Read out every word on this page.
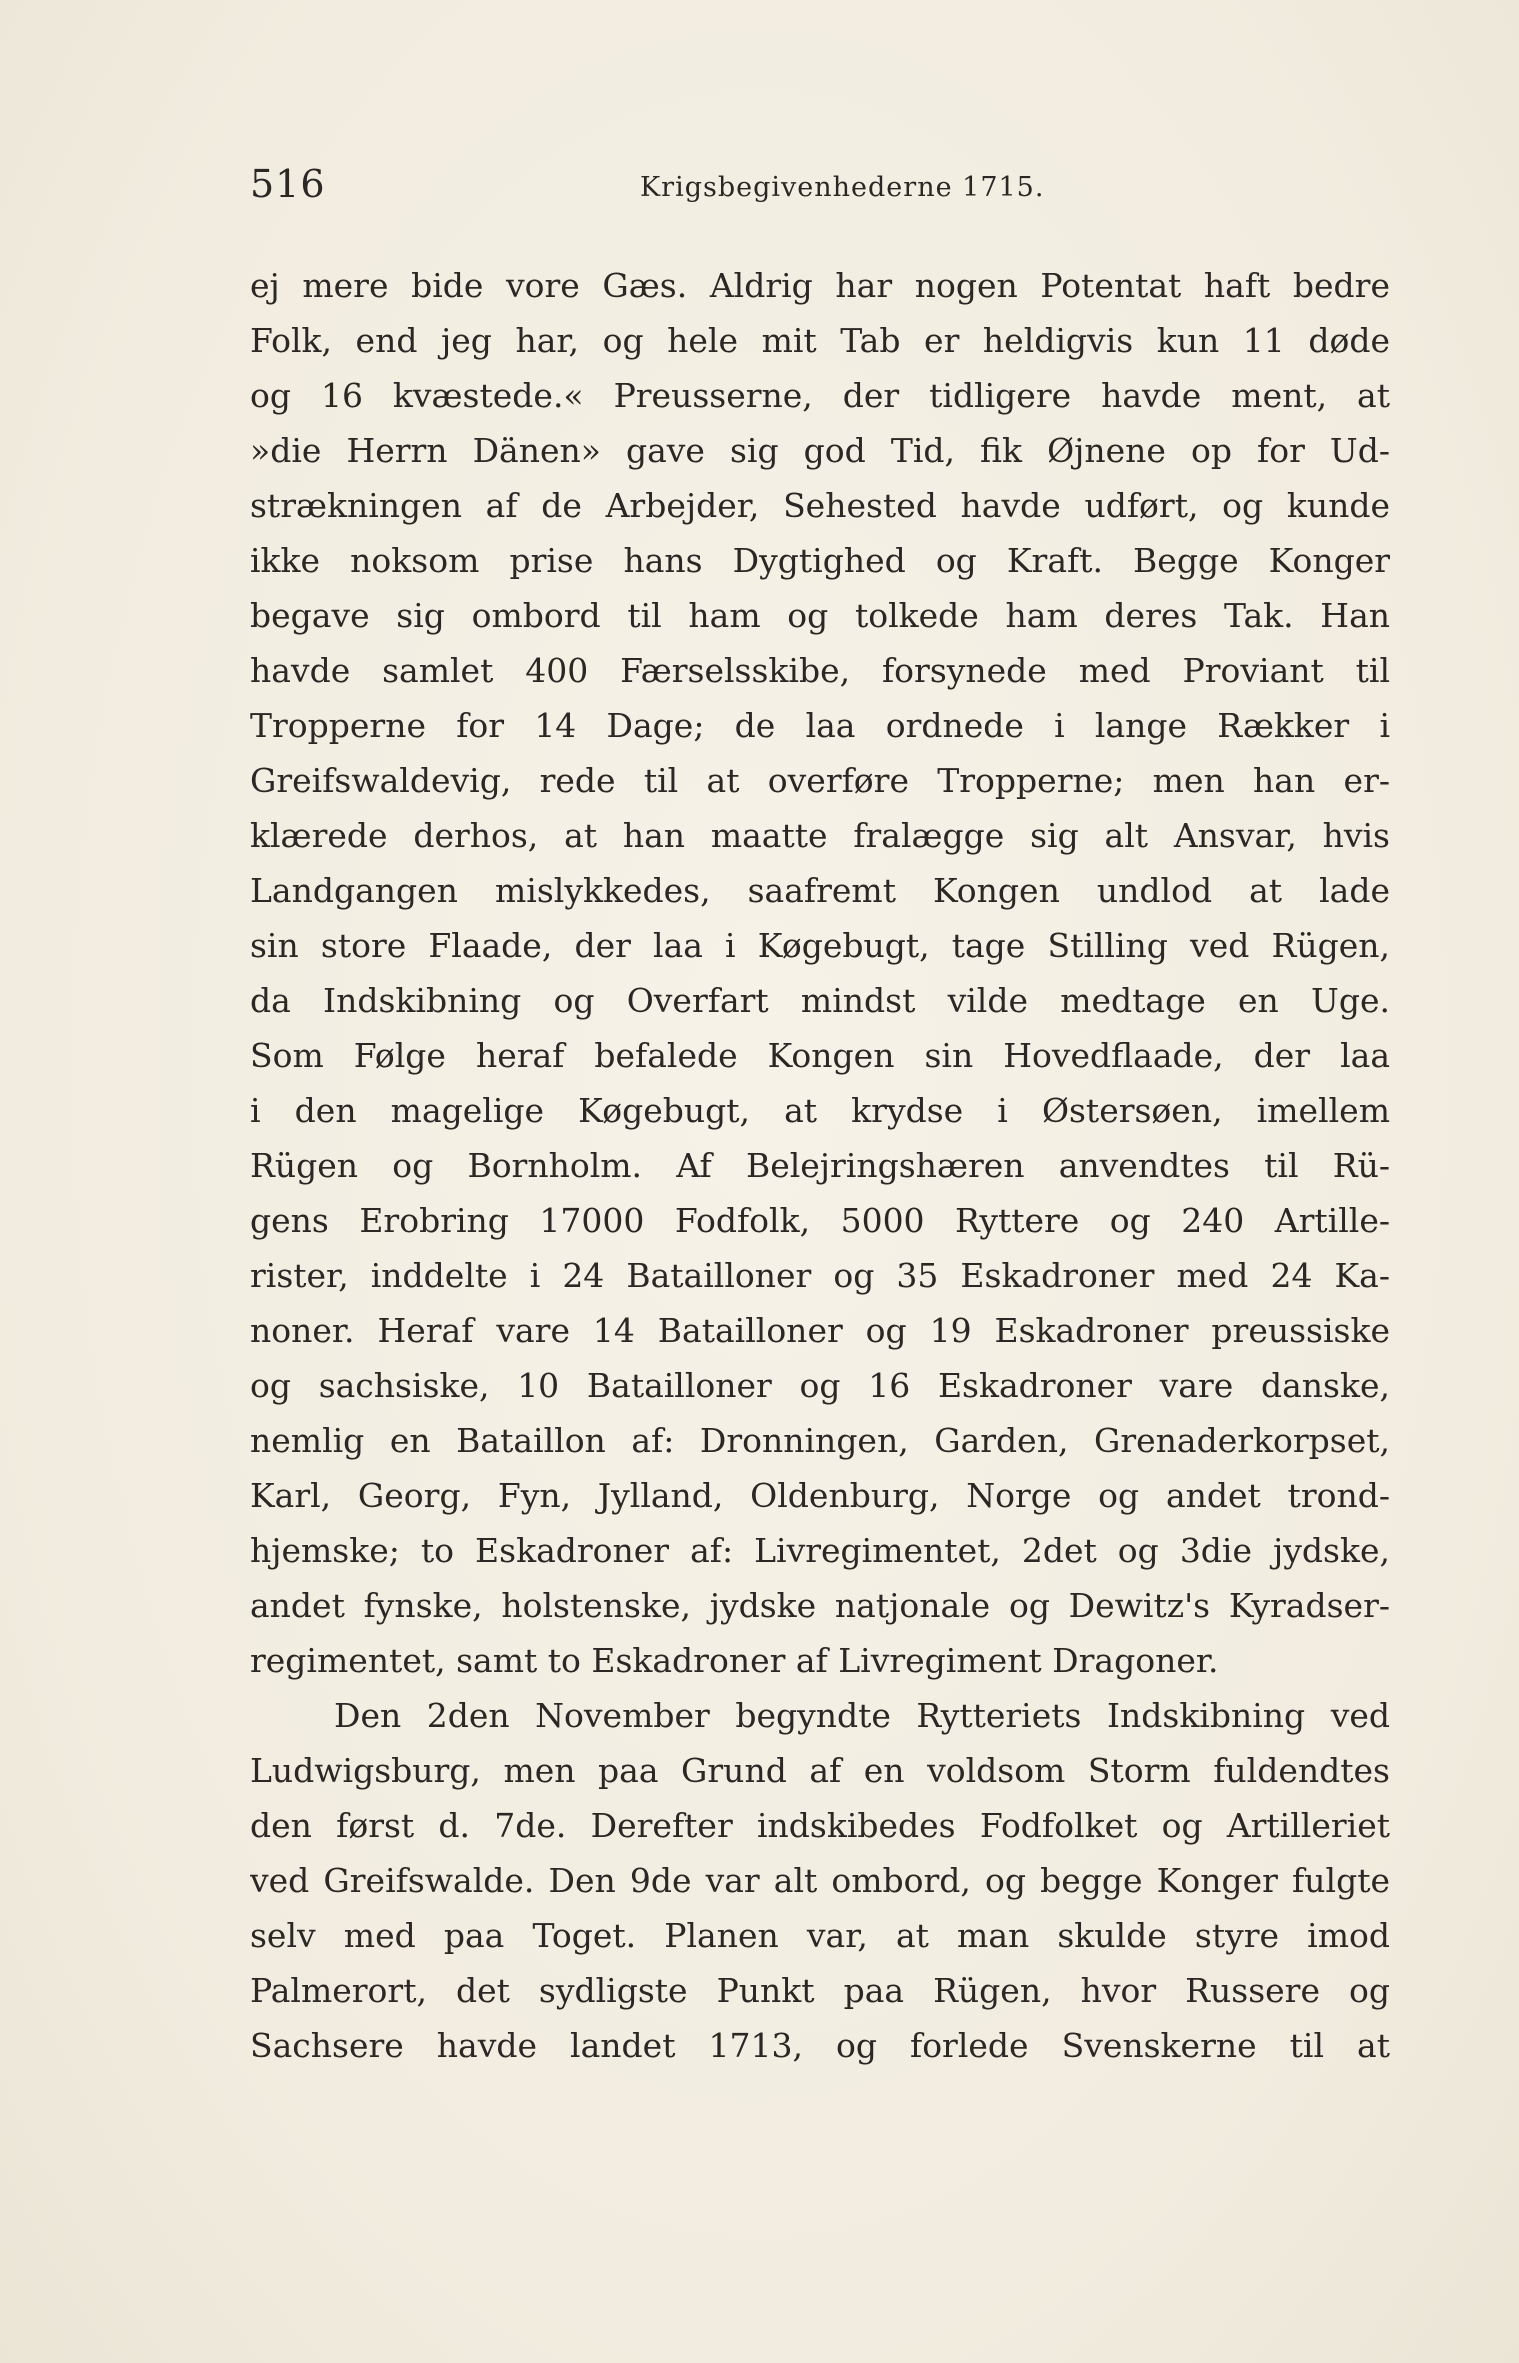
516	Krigsbegivenhederne 1715.
ej mere bide vore Gæs. Aldrig har nogen Potentat haft bedre
Folk, end jeg har, og hele mit Tab er heldigvis kun 11 døde
og 16 kvæstede.« Preusserne, der tidligere havde ment, at
»die Herrn Dänen» gave sig god Tid, fik Øjnene op for Ud-
strækningen af de Arbejder, Sehested havde udført, og kunde
ikke noksom prise hans Dygtighed og Kraft. Begge Konger
begave sig ombord til ham og tolkede ham deres Tak. Han
havde samlet 400 Færselsskibe, forsynede med Proviant til
Tropperne for 14 Dage; de laa ordnede i lange Rækker i
Greifswaldevig, rede til at overføre Tropperne; men han er-
klærede derhos, at han maatte fralægge sig alt Ansvar, hvis
Landgangen mislykkedes, saafremt Kongen undlod at lade
sin store Flaade, der laa i Køgebugt, tage Stilling ved Rügen,
da Indskibning og Overfart mindst vilde medtage en Uge.
Som Følge heraf befalede Kongen sin Hovedflaade, der laa
i den magelige Køgebugt, at krydse i Østersøen, imellem
Rügen og Bornholm. Af Belejringshæren anvendtes til Rü-
gens Erobring 17000 Fodfolk, 5000 Ryttere og 240 Artille-
rister, inddelte i 24 Batailloner og 35 Eskadroner med 24 Ka-
noner. Heraf vare 14 Batailloner og 19 Eskadroner preussiske
og sachsiske, 10 Batailloner og 16 Eskadroner vare danske,
nemlig en Bataillon af: Dronningen, Garden, Grenaderkorpset,
Karl, Georg, Fyn, Jylland, Oldenburg, Norge og andet trond-
hjemske; to Eskadroner af: Livregimentet, 2det og 3die jydske,
andet fynske, holstenske, jydske natjonale og Dewitz's Kyradser-
regimentet, samt to Eskadroner af Livregiment Dragoner.
Den 2den November begyndte Rytteriets Indskibning ved
Ludwigsburg, men paa Grund af en voldsom Storm fuldendtes
den først d. 7de. Derefter indskibedes Fodfolket og Artilleriet
ved Greifswalde. Den 9de var alt ombord, og begge Konger fulgte
selv med paa Toget. Planen var, at man skulde styre imod
Palmerort, det sydligste Punkt paa Rügen, hvor Russere og
Sachsere havde landet 1713, og forlede Svenskerne til at
